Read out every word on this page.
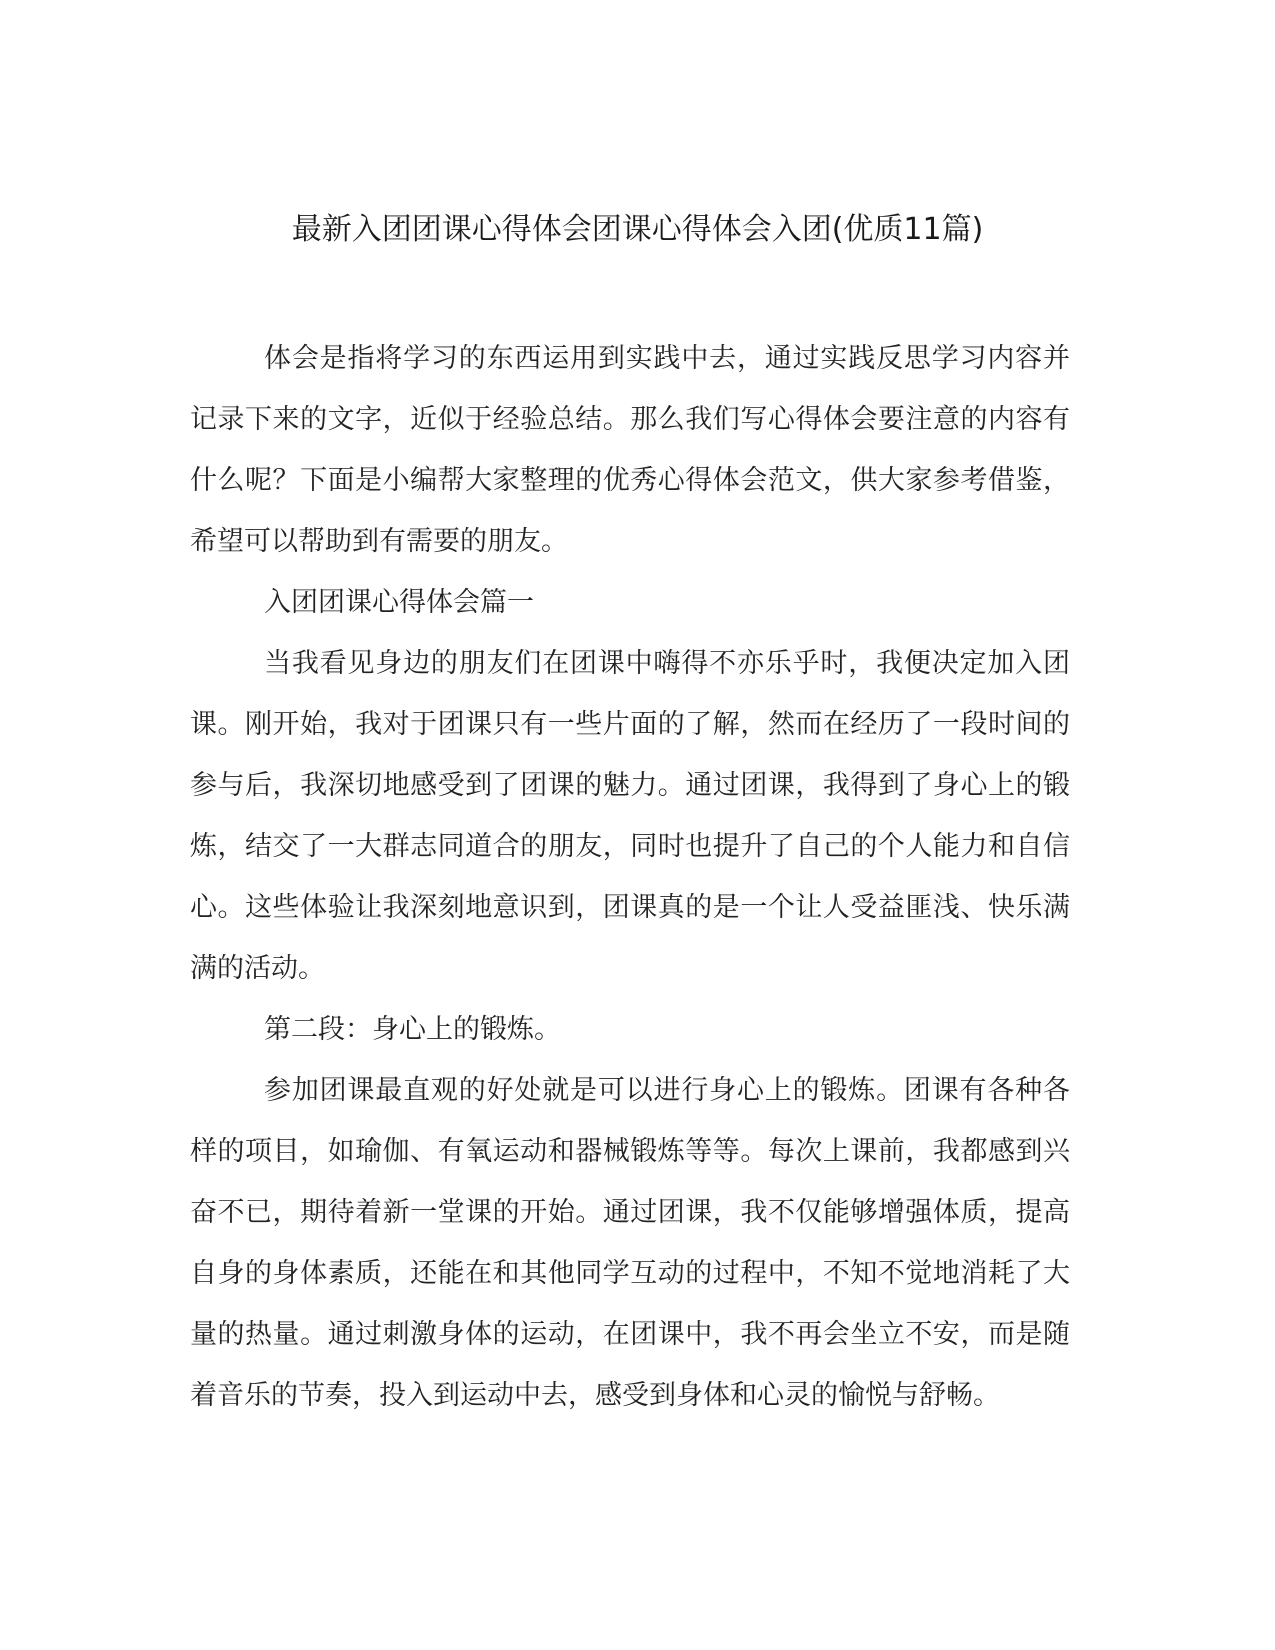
最新入团团课心得体会团课心得体会入团(优质11篇)

体会是指将学习的东西运用到实践中去，通过实践反思学习内容并记录下来的文字，近似于经验总结。那么我们写心得体会要注意的内容有什么呢？下面是小编帮大家整理的优秀心得体会范文，供大家参考借鉴，希望可以帮助到有需要的朋友。

入团团课心得体会篇一

当我看见身边的朋友们在团课中嗨得不亦乐乎时，我便决定加入团课。刚开始，我对于团课只有一些片面的了解，然而在经历了一段时间的参与后，我深切地感受到了团课的魅力。通过团课，我得到了身心上的锻炼，结交了一大群志同道合的朋友，同时也提升了自己的个人能力和自信心。这些体验让我深刻地意识到，团课真的是一个让人受益匪浅、快乐满满的活动。

第二段：身心上的锻炼。

参加团课最直观的好处就是可以进行身心上的锻炼。团课有各种各样的项目，如瑜伽、有氧运动和器械锻炼等等。每次上课前，我都感到兴奋不已，期待着新一堂课的开始。通过团课，我不仅能够增强体质，提高自身的身体素质，还能在和其他同学互动的过程中，不知不觉地消耗了大量的热量。通过刺激身体的运动，在团课中，我不再会坐立不安，而是随着音乐的节奏，投入到运动中去，感受到身体和心灵的愉悦与舒畅。
